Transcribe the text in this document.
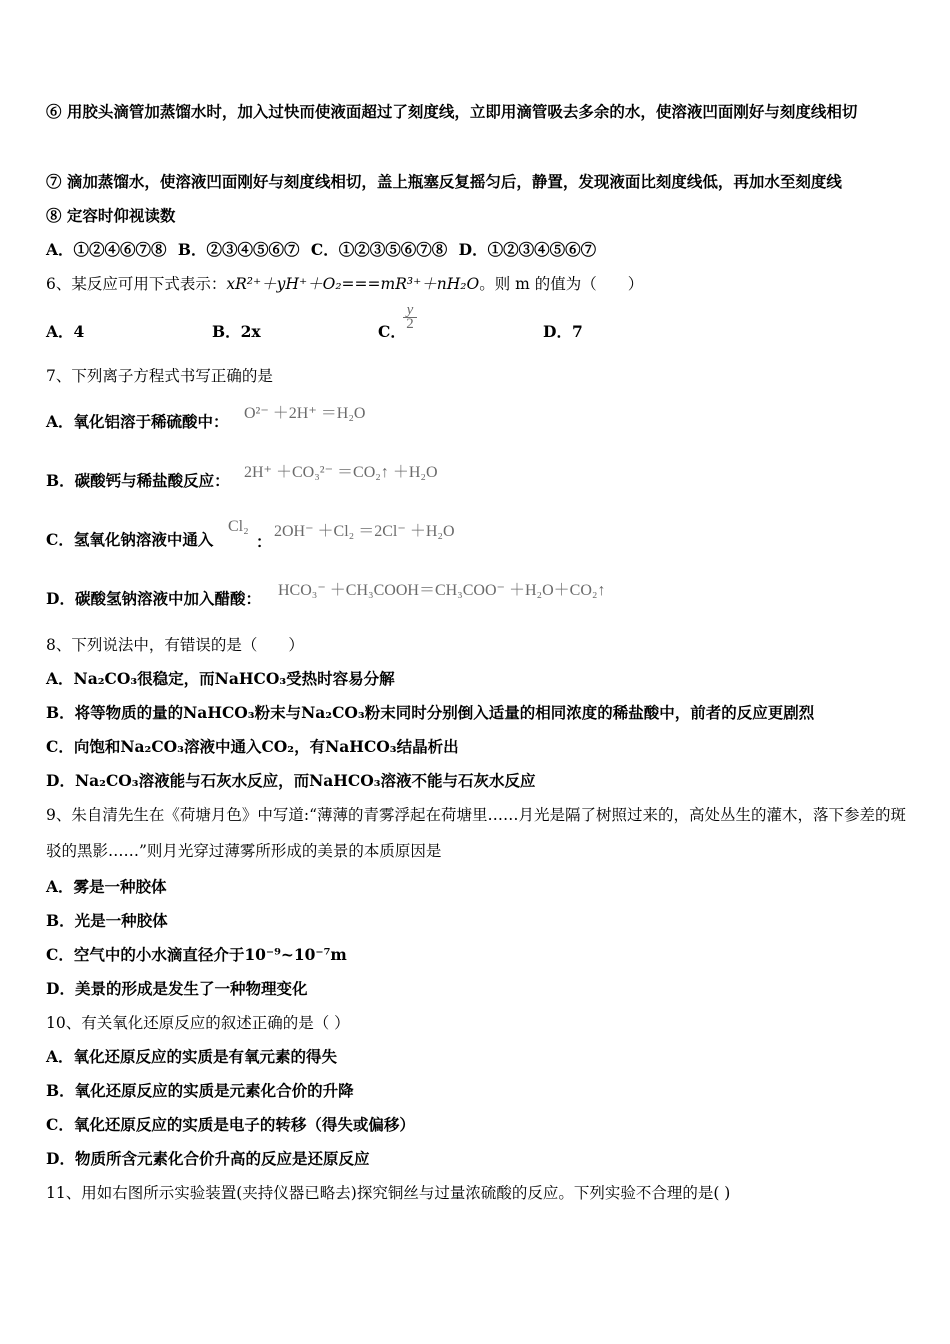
⑥ 用胶头滴管加蒸馏水时，加入过快而使液面超过了刻度线，立即用滴管吸去多余的水，使溶液凹面刚好与刻度线相切
⑦ 滴加蒸馏水，使溶液凹面刚好与刻度线相切，盖上瓶塞反复摇匀后，静置，发现液面比刻度线低，再加水至刻度线
⑧ 定容时仰视读数
A．①②④⑥⑦⑧ B．②③④⑤⑥⑦ C．①②③⑤⑥⑦⑧ D．①②③④⑤⑥⑦
6、某反应可用下式表示：xR²⁺＋yH⁺＋O₂===mR³⁺＋nH₂O。则 m 的值为（　　）
A．4	B．2x	C．
$\frac{y}{2}$
D．7
7、下列离子方程式书写正确的是
A．氧化铝溶于稀硫酸中： O²⁻ ＋2H⁺ ＝H₂O
B．碳酸钙与稀盐酸反应： 2H⁺ ＋CO₃²⁻ ＝CO₂↑ ＋H₂O
C．氢氧化钠溶液中通入
Cl₂
：
2OH⁻ ＋Cl₂ ＝2Cl⁻ ＋H₂O
D．碳酸氢钠溶液中加入醋酸： HCO₃⁻ ＋CH₃COOH＝CH₃COO⁻ ＋H₂O＋CO₂↑
8、下列说法中，有错误的是（　　）
A．Na₂CO₃很稳定，而NaHCO₃受热时容易分解
B．将等物质的量的NaHCO₃粉末与Na₂CO₃粉末同时分别倒入适量的相同浓度的稀盐酸中，前者的反应更剧烈
C．向饱和Na₂CO₃溶液中通入CO₂，有NaHCO₃结晶析出
D．Na₂CO₃溶液能与石灰水反应，而NaHCO₃溶液不能与石灰水反应
9、朱自清先生在《荷塘月色》中写道:“薄薄的青雾浮起在荷塘里……月光是隔了树照过来的，高处丛生的灌木，落下参差的斑驳的黑影……”则月光穿过薄雾所形成的美景的本质原因是
A．雾是一种胶体
B．光是一种胶体
C．空气中的小水滴直径介于10⁻⁹~10⁻⁷m
D．美景的形成是发生了一种物理变化
10、有关氧化还原反应的叙述正确的是（ ）
A．氧化还原反应的实质是有氧元素的得失
B．氧化还原反应的实质是元素化合价的升降
C．氧化还原反应的实质是电子的转移（得失或偏移）
D．物质所含元素化合价升高的反应是还原反应
11、用如右图所示实验装置(夹持仪器已略去)探究铜丝与过量浓硫酸的反应。下列实验不合理的是( )
